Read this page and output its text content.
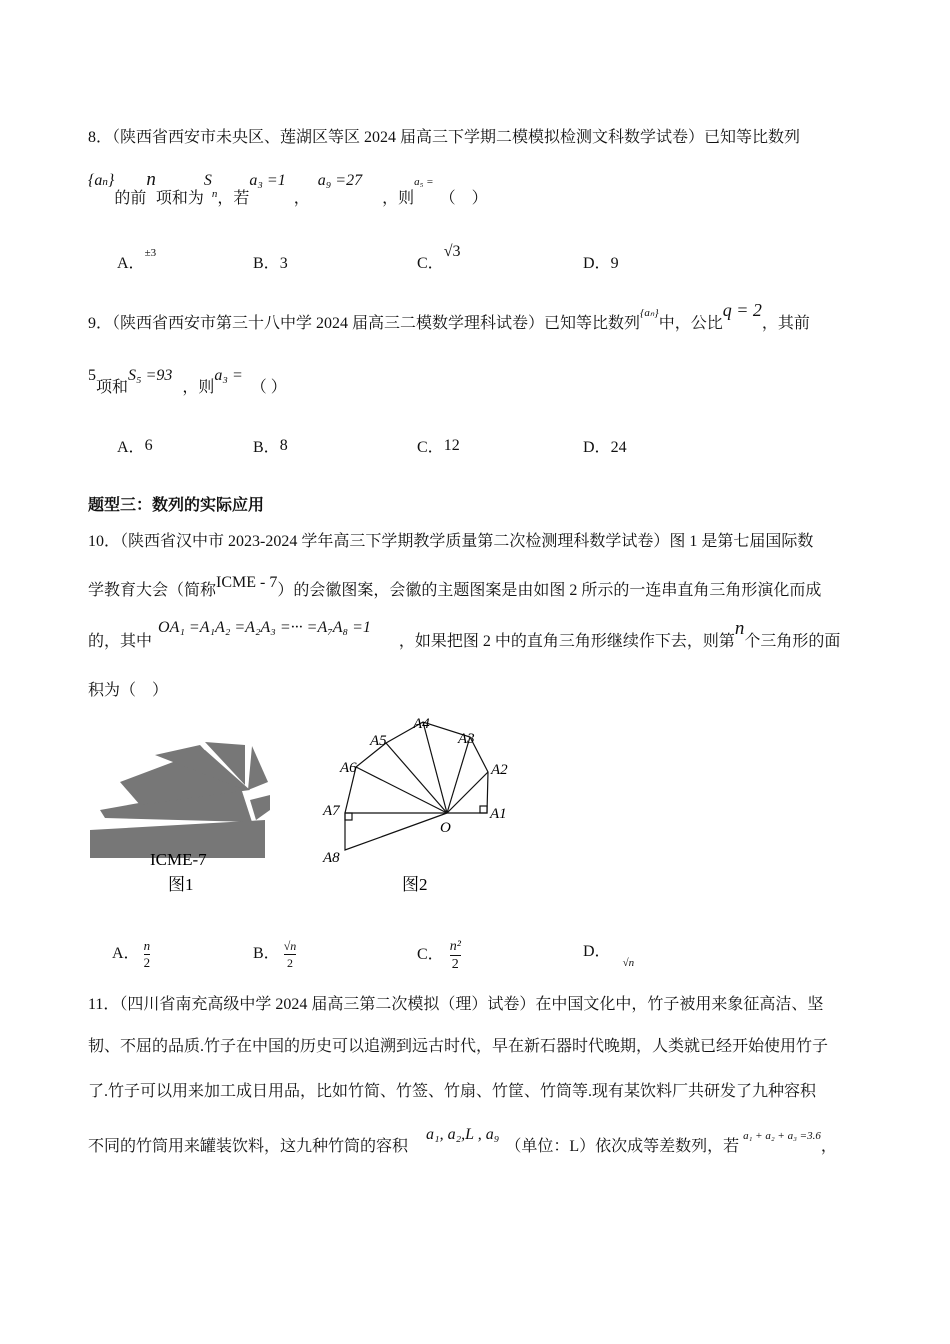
8．（陕西省西安市未央区、莲湖区等区 2024 届高三下学期二模模拟检测文科数学试卷）已知等比数列
$\{a^n\}$的前n项和为Sn，若a₃ =1，a₉ =27，则$^{a_5 =}$（　）
A．$^{\pm 3}$
B．3	C．√3
D．9
9．（陕西省西安市第三十八中学 2024 届高三二模数学理科试卷）已知等比数列$^{\{a_n\}}$中，公比q = 2，其前
5项和S₅ =93，则a₃ =（ ）
A．6	B．8	C．12	D．24
题型三：数列的实际应用
10．（陕西省汉中市 2023-2024 学年高三下学期教学质量第二次检测理科数学试卷）图 1 是第七届国际数
学教育大会（简称ICME - 7）的会徽图案，会徽的主题图案是由如图 2 所示的一连串直角三角形演化而成
的，其中OA₁ =A₁A₂ =A₂A₃ =··· =A₇A₈ =1，如果把图 2 中的直角三角形继续作下去，则第n个三角形的面
积为（　）
ICME-7
图1
A1
A2
A3
A4
A5
A6
A7
A8
O
图2
A． $\frac{n}{2}$	B． $\frac{√n}{2}$	C． $\frac{\text{n²}}{2}$	D．$_{√n}$
11．（四川省南充高级中学 2024 届高三第二次模拟（理）试卷）在中国文化中，竹子被用来象征高洁、坚
韧、不屈的品质.竹子在中国的历史可以追溯到远古时代，早在新石器时代晚期，人类就已经开始使用竹子
了.竹子可以用来加工成日用品，比如竹简、竹签、竹扇、竹筐、竹筒等.现有某饮料厂共研发了九种容积
不同的竹筒用来罐装饮料，这九种竹筒的容积a₁, a₂,L , a₉（单位：L）依次成等差数列，若$^{a_1 + a_2 + a_3 =3.6}$，
